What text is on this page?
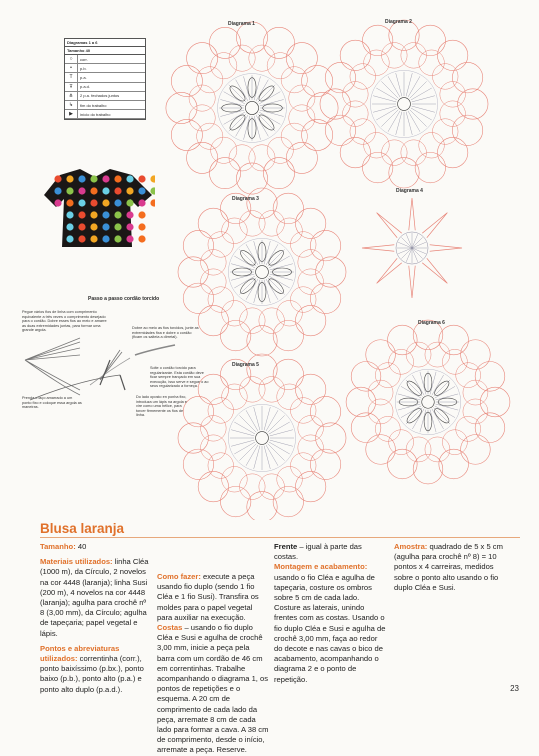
Diagrama 1	Diagrama 2
Diagrama 3
Diagrama 4
Diagrama 5
Diagrama 6
Diagramas 1 a 6
Tamanho 40
○	corr.
•	p.b.
T	p.a.
Ŧ	p.a.d.
⋔	2 p.a. fechados juntos
↳	fim do trabalho
▶	início do trabalho
Passo a passo cordão torcido
Pegue vários fios de linha com comprimento equivalente a três vezes o comprimento desejado para o cordão. Dobre esses fios ao meio e amarre as duas extremidades juntas, para formar uma grande argola.
Dobre ao meio as fios torcidos, junte as extremidades fixa e dobre o cordão (ficam os salteia a dirretal).
Solte o cordão torcido para regularizaráe. Esta cordão deve ficar sempre trançado em sua execução, isso serve e segue o ao seus regularizado a forneça.
Prenda o laço amarrado a um ponto fixo e coloque essa argola as maneiras.
Do lado oposto en ponha fixo, introduza um lápis na argola e vire como uma hélice, para torcer firmemente os fios de linha.
Blusa laranja
Tamanho: 40
Materiais utilizados: linha Cléa (1000 m), da Círculo, 2 novelos na cor 4448 (laranja); linha Susi (200 m), 4 novelos na cor 4448 (laranja); agulha para crochê nº 8 (3,00 mm), da Círculo; agulha de tapeçaria; papel vegetal e lápis.
Pontos e abreviaturas utilizados: correntinha (corr.), ponto baixíssimo (p.bx.), ponto baixo (p.b.), ponto alto (p.a.) e ponto alto duplo (p.a.d.).
Como fazer: execute a peça usando fio duplo (sendo 1 fio Cléa e 1 fio Susi). Transfira os moldes para o papel vegetal para auxiliar na execução.
Costas – usando o fio duplo Cléa e Susi e agulha de crochê 3,00 mm, inicie a peça pela barra com um cordão de 46 cm em correntinhas. Trabalhe acompanhando o diagrama 1, os pontos de repetições e o esquema. A 20 cm de comprimento de cada lado da peça, arremate 8 cm de cada lado para formar a cava. A 38 cm de comprimento, desde o início, arremate a peça. Reserve.
Frente – igual à parte das costas.
Montagem e acabamento: usando o fio Cléa e agulha de tapeçaria, costure os ombros sobre 5 cm de cada lado. Costure as laterais, unindo frentes com as costas. Usando o fio duplo Cléa e Susi e agulha de crochê 3,00 mm, faça ao redor do decote e nas cavas o bico de acabamento, acompanhando o diagrama 2 e o ponto de repetição.
Amostra: quadrado de 5 x 5 cm (agulha para crochê nº 8) = 10 pontos x 4 carreiras, medidos sobre o ponto alto usando o fio duplo Cléa e Susi.
23
